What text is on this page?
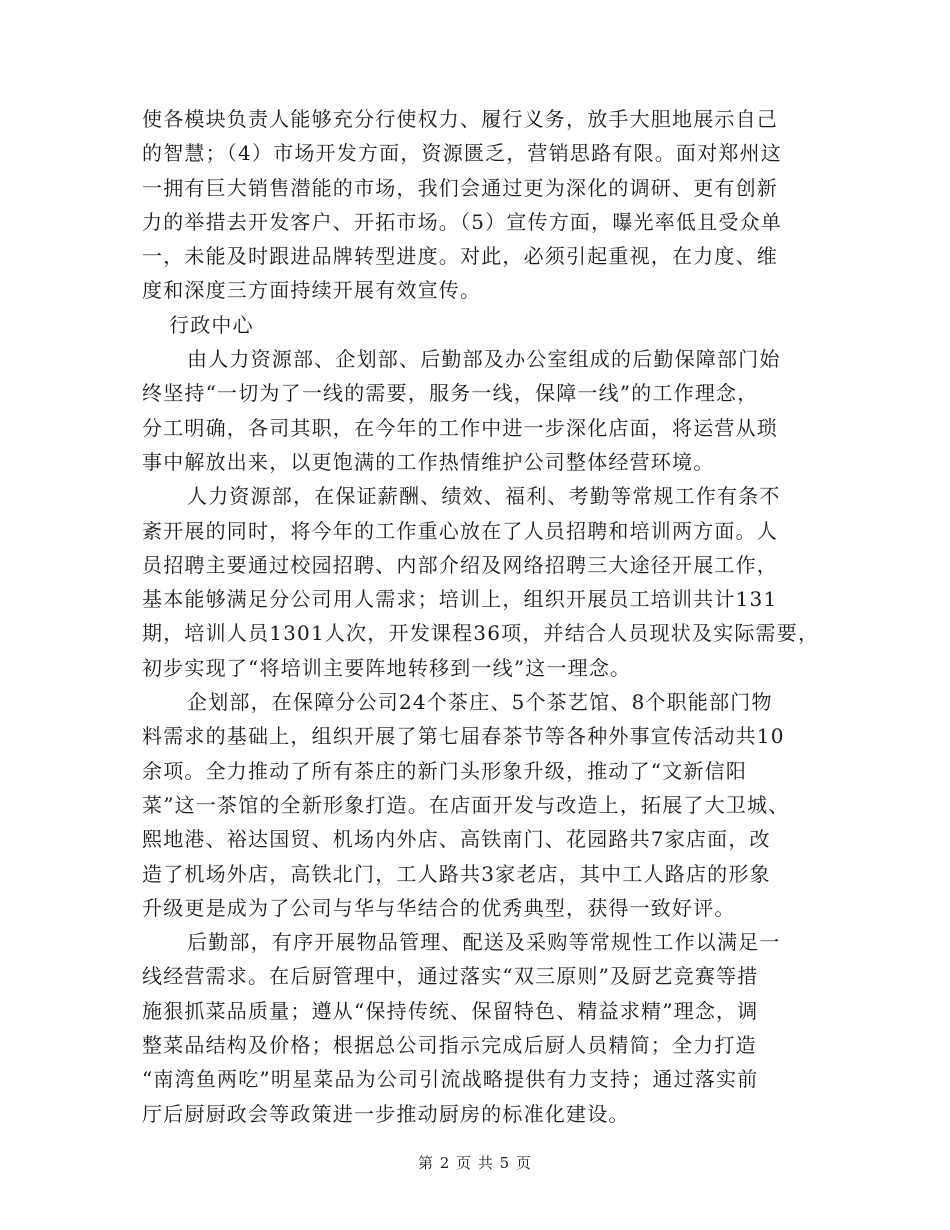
使各模块负责人能够充分行使权力、履行义务，放手大胆地展示自己
的智慧；（4）市场开发方面，资源匮乏，营销思路有限。面对郑州这
一拥有巨大销售潜能的市场，我们会通过更为深化的调研、更有创新
力的举措去开发客户、开拓市场。（5）宣传方面，曝光率低且受众单
一，未能及时跟进品牌转型进度。对此，必须引起重视，在力度、维
度和深度三方面持续开展有效宣传。
行政中心
由人力资源部、企划部、后勤部及办公室组成的后勤保障部门始
终坚持“一切为了一线的需要，服务一线，保障一线”的工作理念，
分工明确，各司其职，在今年的工作中进一步深化店面，将运营从琐
事中解放出来，以更饱满的工作热情维护公司整体经营环境。
人力资源部，在保证薪酬、绩效、福利、考勤等常规工作有条不
紊开展的同时，将今年的工作重心放在了人员招聘和培训两方面。人
员招聘主要通过校园招聘、内部介绍及网络招聘三大途径开展工作，
基本能够满足分公司用人需求；培训上，组织开展员工培训共计131
期，培训人员1301人次，开发课程36项，并结合人员现状及实际需要，
初步实现了“将培训主要阵地转移到一线”这一理念。
企划部，在保障分公司24个茶庄、5个茶艺馆、8个职能部门物
料需求的基础上，组织开展了第七届春茶节等各种外事宣传活动共10
余项。全力推动了所有茶庄的新门头形象升级，推动了“文新信阳
菜”这一茶馆的全新形象打造。在店面开发与改造上，拓展了大卫城、
熙地港、裕达国贸、机场内外店、高铁南门、花园路共7家店面，改
造了机场外店，高铁北门，工人路共3家老店，其中工人路店的形象
升级更是成为了公司与华与华结合的优秀典型，获得一致好评。
后勤部，有序开展物品管理、配送及采购等常规性工作以满足一
线经营需求。在后厨管理中，通过落实“双三原则”及厨艺竞赛等措
施狠抓菜品质量；遵从“保持传统、保留特色、精益求精”理念，调
整菜品结构及价格；根据总公司指示完成后厨人员精简；全力打造
“南湾鱼两吃”明星菜品为公司引流战略提供有力支持；通过落实前
厅后厨厨政会等政策进一步推动厨房的标准化建设。
第 2 页 共 5 页
